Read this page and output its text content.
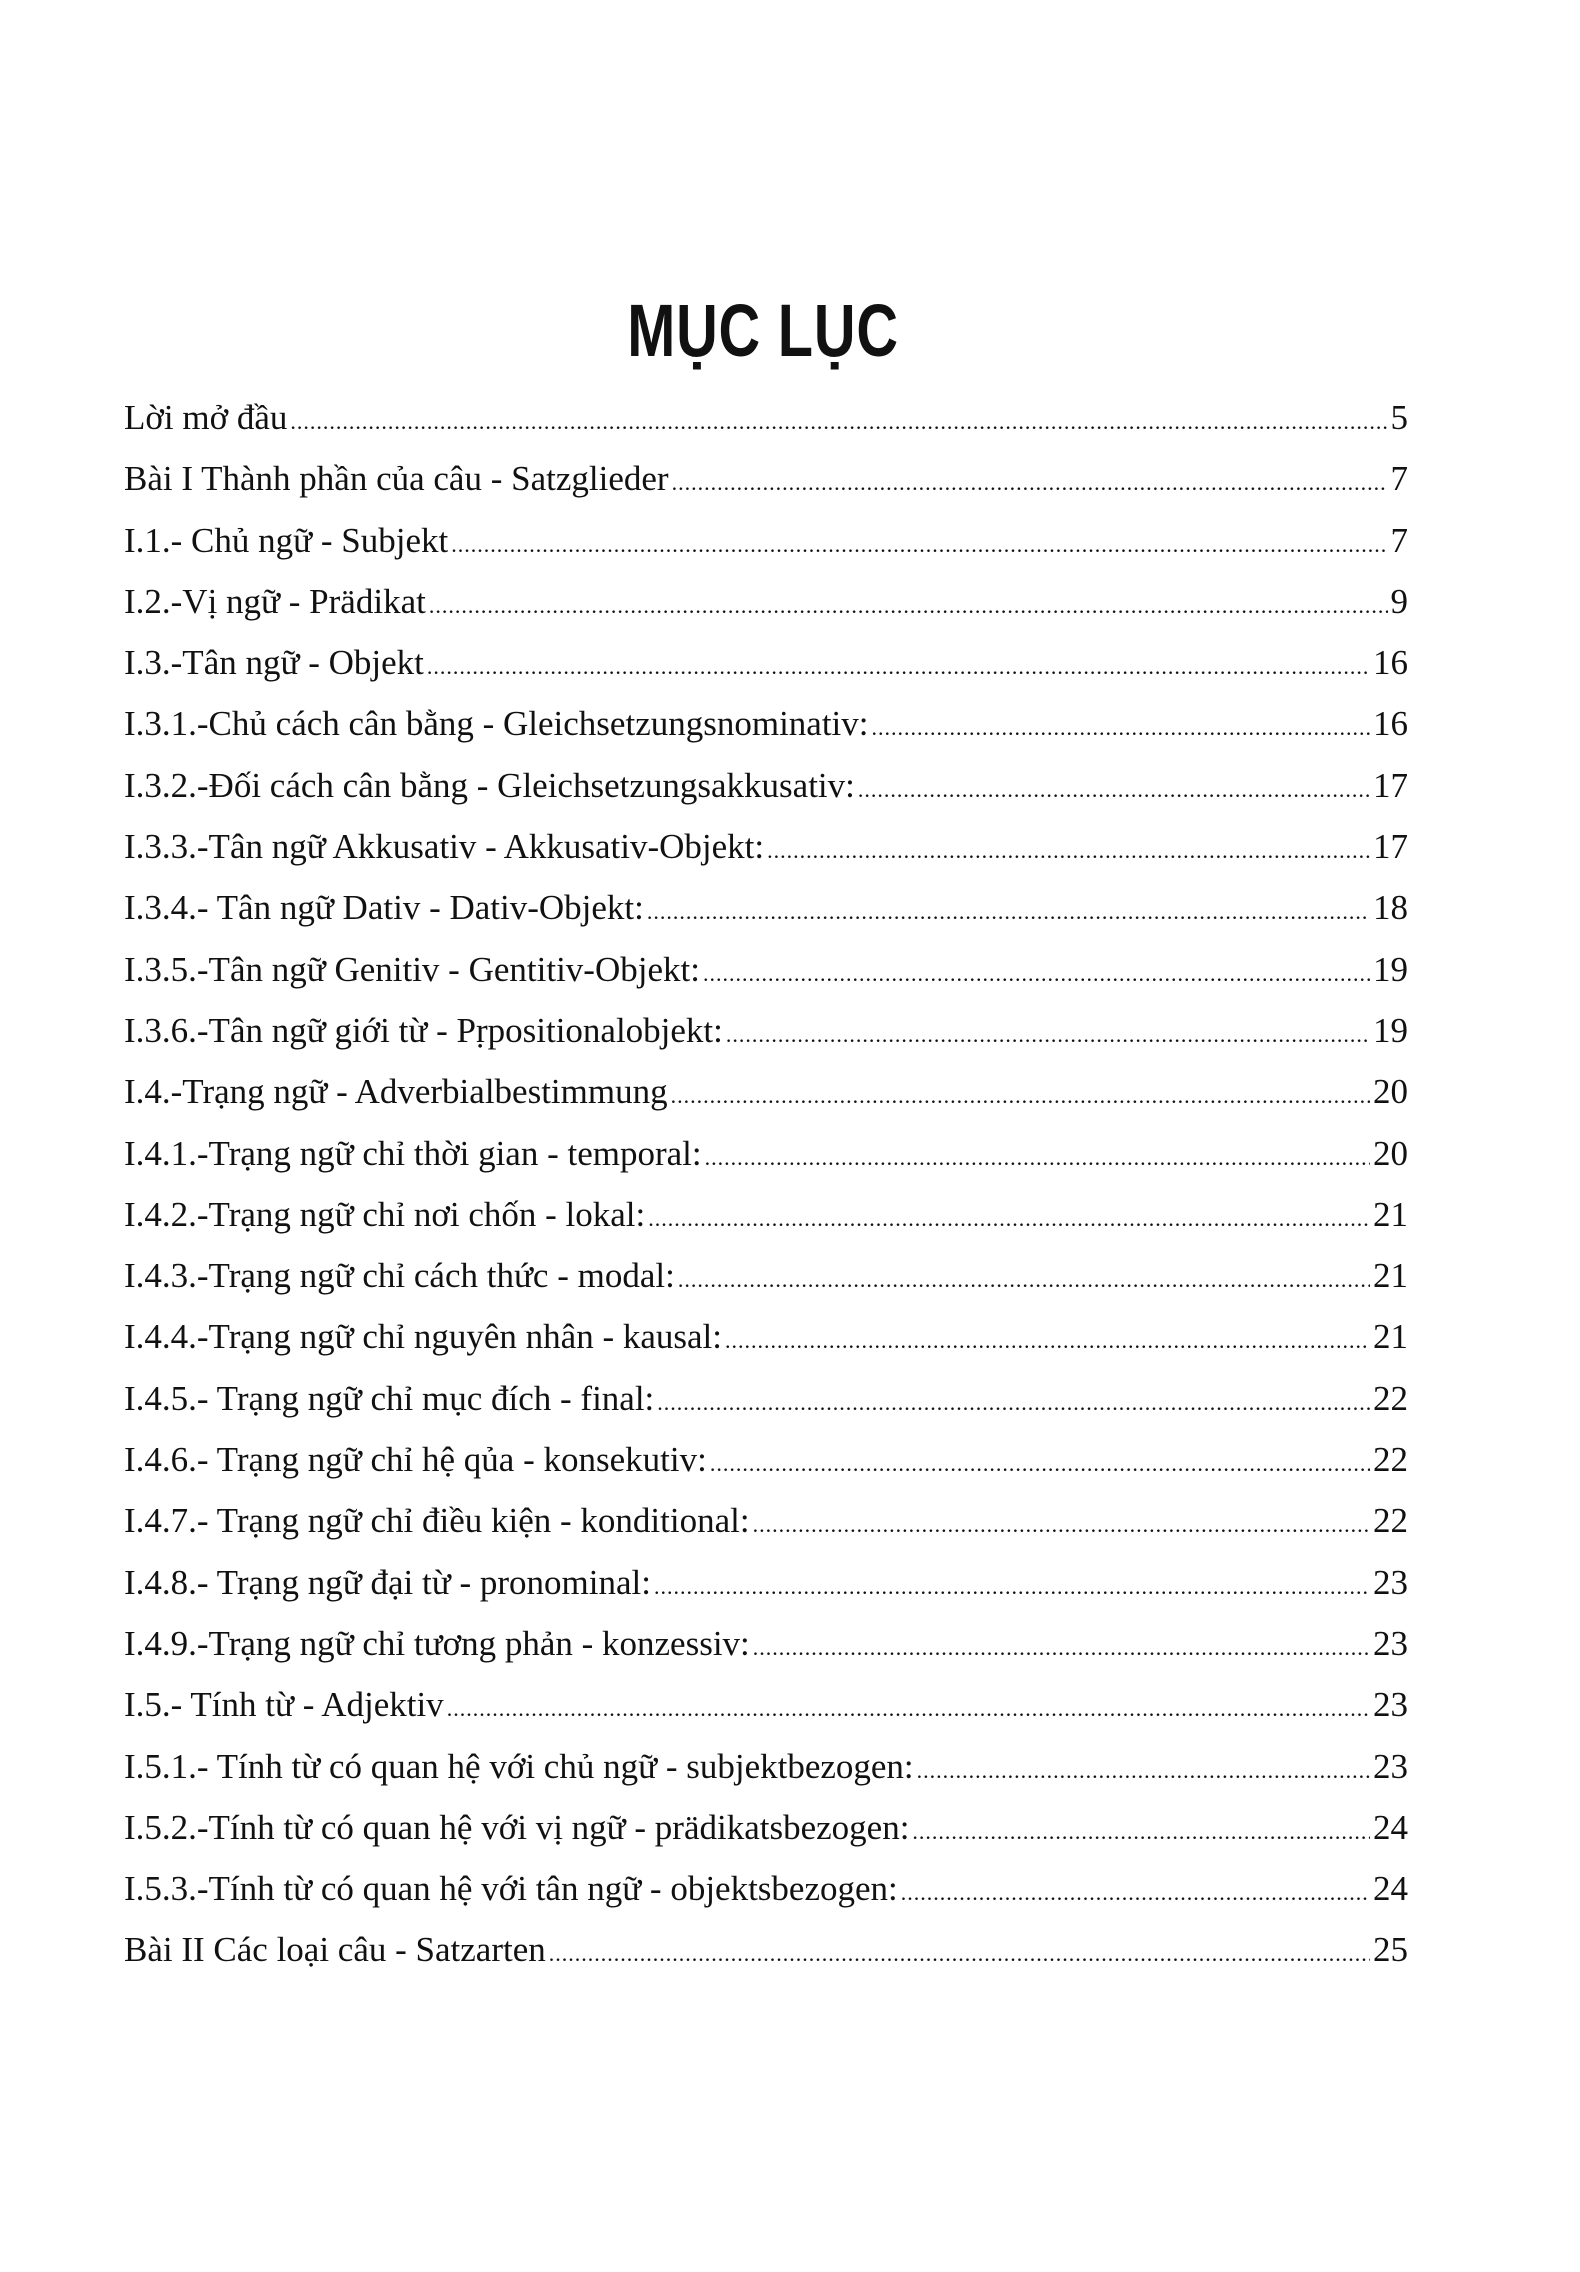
MỤC LỤC
Lời mở đầu .....	5
Bài I Thành phần của câu - Satzglieder .....	7
I.1.- Chủ ngữ - Subjekt .....	7
I.2.-Vị ngữ - Prädikat .....	9
I.3.-Tân ngữ - Objekt .....	16
I.3.1.-Chủ cách cân bằng - Gleichsetzungsnominativ: .....	16
I.3.2.-Đối cách cân bằng - Gleichsetzungsakkusativ: .....	17
I.3.3.-Tân ngữ Akkusativ - Akkusativ-Objekt: .....	17
I.3.4.- Tân ngữ Dativ - Dativ-Objekt: .....	18
I.3.5.-Tân ngữ Genitiv - Gentitiv-Objekt: .....	19
I.3.6.-Tân ngữ giới từ - Pṛpositionalobjekt: .....	19
I.4.-Trạng ngữ - Adverbialbestimmung .....	20
I.4.1.-Trạng ngữ chỉ thời gian - temporal: .....	20
I.4.2.-Trạng ngữ chỉ nơi chốn - lokal: .....	21
I.4.3.-Trạng ngữ chỉ cách thức - modal: .....	21
I.4.4.-Trạng ngữ chỉ nguyên nhân - kausal: .....	21
I.4.5.- Trạng ngữ chỉ mục đích - final: .....	22
I.4.6.- Trạng ngữ chỉ hệ qủa - konsekutiv: .....	22
I.4.7.- Trạng ngữ chỉ điều kiện - konditional: .....	22
I.4.8.- Trạng ngữ đại từ - pronominal: .....	23
I.4.9.-Trạng ngữ chỉ tương phản - konzessiv: .....	23
I.5.- Tính từ - Adjektiv .....	23
I.5.1.- Tính từ có quan hệ với chủ ngữ - subjektbezogen: .....	23
I.5.2.-Tính từ có quan hệ với vị ngữ - prädikatsbezogen: .....	24
I.5.3.-Tính từ có quan hệ với tân ngữ - objektsbezogen: .....	24
Bài II Các loại câu - Satzarten .....	25
